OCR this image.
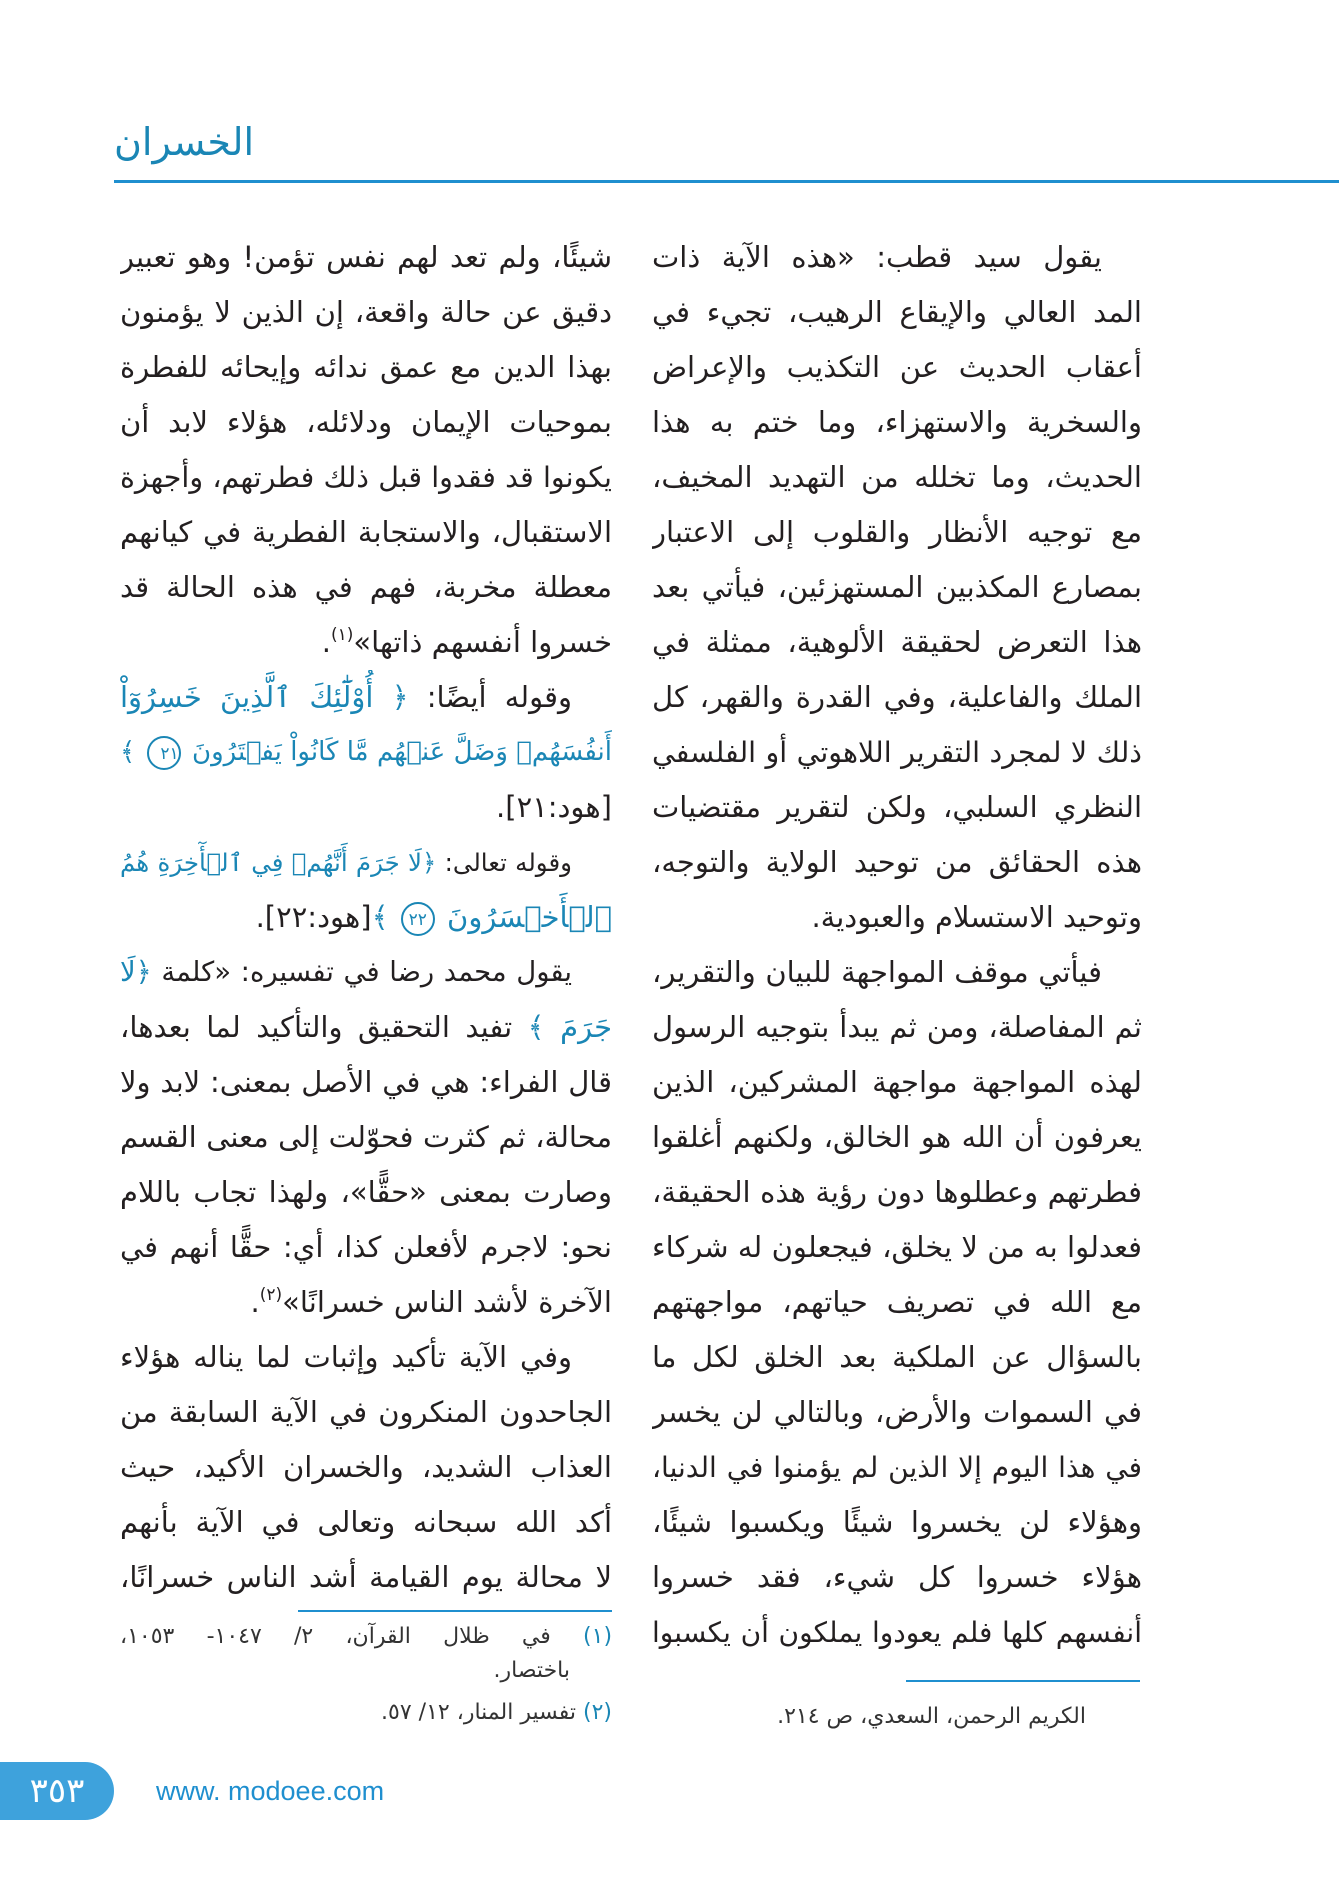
الخسران
يقول سيد قطب: «هذه الآية ذات
المد العالي والإيقاع الرهيب، تجيء في
أعقاب الحديث عن التكذيب والإعراض
والسخرية والاستهزاء، وما ختم به هذا
الحديث، وما تخلله من التهديد المخيف،
مع توجيه الأنظار والقلوب إلى الاعتبار
بمصارع المكذبين المستهزئين، فيأتي بعد
هذا التعرض لحقيقة الألوهية، ممثلة في
الملك والفاعلية، وفي القدرة والقهر، كل
ذلك لا لمجرد التقرير اللاهوتي أو الفلسفي
النظري السلبي، ولكن لتقرير مقتضيات
هذه الحقائق من توحيد الولاية والتوجه،
وتوحيد الاستسلام والعبودية.
فيأتي موقف المواجهة للبيان والتقرير،
ثم المفاصلة، ومن ثم يبدأ بتوجيه الرسول
لهذه المواجهة مواجهة المشركين، الذين
يعرفون أن الله هو الخالق، ولكنهم أغلقوا
فطرتهم وعطلوها دون رؤية هذه الحقيقة،
فعدلوا به من لا يخلق، فيجعلون له شركاء
مع الله في تصريف حياتهم، مواجهتهم
بالسؤال عن الملكية بعد الخلق لكل ما
في السموات والأرض، وبالتالي لن يخسر
في هذا اليوم إلا الذين لم يؤمنوا في الدنيا،
وهؤلاء لن يخسروا شيئًا ويكسبوا شيئًا،
هؤلاء خسروا كل شيء، فقد خسروا
أنفسهم كلها فلم يعودوا يملكون أن يكسبوا
شيئًا، ولم تعد لهم نفس تؤمن! وهو تعبير
دقيق عن حالة واقعة، إن الذين لا يؤمنون
بهذا الدين مع عمق ندائه وإيحائه للفطرة
بموحيات الإيمان ودلائله، هؤلاء لابد أن
يكونوا قد فقدوا قبل ذلك فطرتهم، وأجهزة
الاستقبال، والاستجابة الفطرية في كيانهم
معطلة مخربة، فهم في هذه الحالة قد
خسروا أنفسهم ذاتها»$^{(١)}$.
وقوله أيضًا: ﴿ أُوْلَٰٓئِكَ ٱلَّذِينَ خَسِرُوٓاْ
أَنفُسَهُمۡ وَضَلَّ عَنۡهُم مَّا كَانُواْ يَفۡتَرُونَ ٢١ ﴾
[هود:٢١].
وقوله تعالى: ﴿لَا جَرَمَ أَنَّهُمۡ فِي ٱلۡأٓخِرَةِ هُمُ
ٱلۡأَخۡسَرُونَ ٢٢ ﴾[هود:٢٢].
يقول محمد رضا في تفسيره: «كلمة ﴿لَا
جَرَمَ ﴾ تفيد التحقيق والتأكيد لما بعدها،
قال الفراء: هي في الأصل بمعنى: لابد ولا
محالة، ثم كثرت فحوّلت إلى معنى القسم
وصارت بمعنى «حقًّا»، ولهذا تجاب باللام
نحو: لاجرم لأفعلن كذا، أي: حقًّا أنهم في
الآخرة لأشد الناس خسرانًا»$^{(٢)}$.
وفي الآية تأكيد وإثبات لما يناله هؤلاء
الجاحدون المنكرون في الآية السابقة من
العذاب الشديد، والخسران الأكيد، حيث
أكد الله سبحانه وتعالى في الآية بأنهم
لا محالة يوم القيامة أشد الناس خسرانًا،
(١) في ظلال القرآن، ٢/ ١٠٤٧- ١٠٥٣،
باختصار.
(٢) تفسير المنار، ١٢/ ٥٧.	الكريم الرحمن، السعدي، ص ٢١٤.
٣٥٣	www. modoee.com
